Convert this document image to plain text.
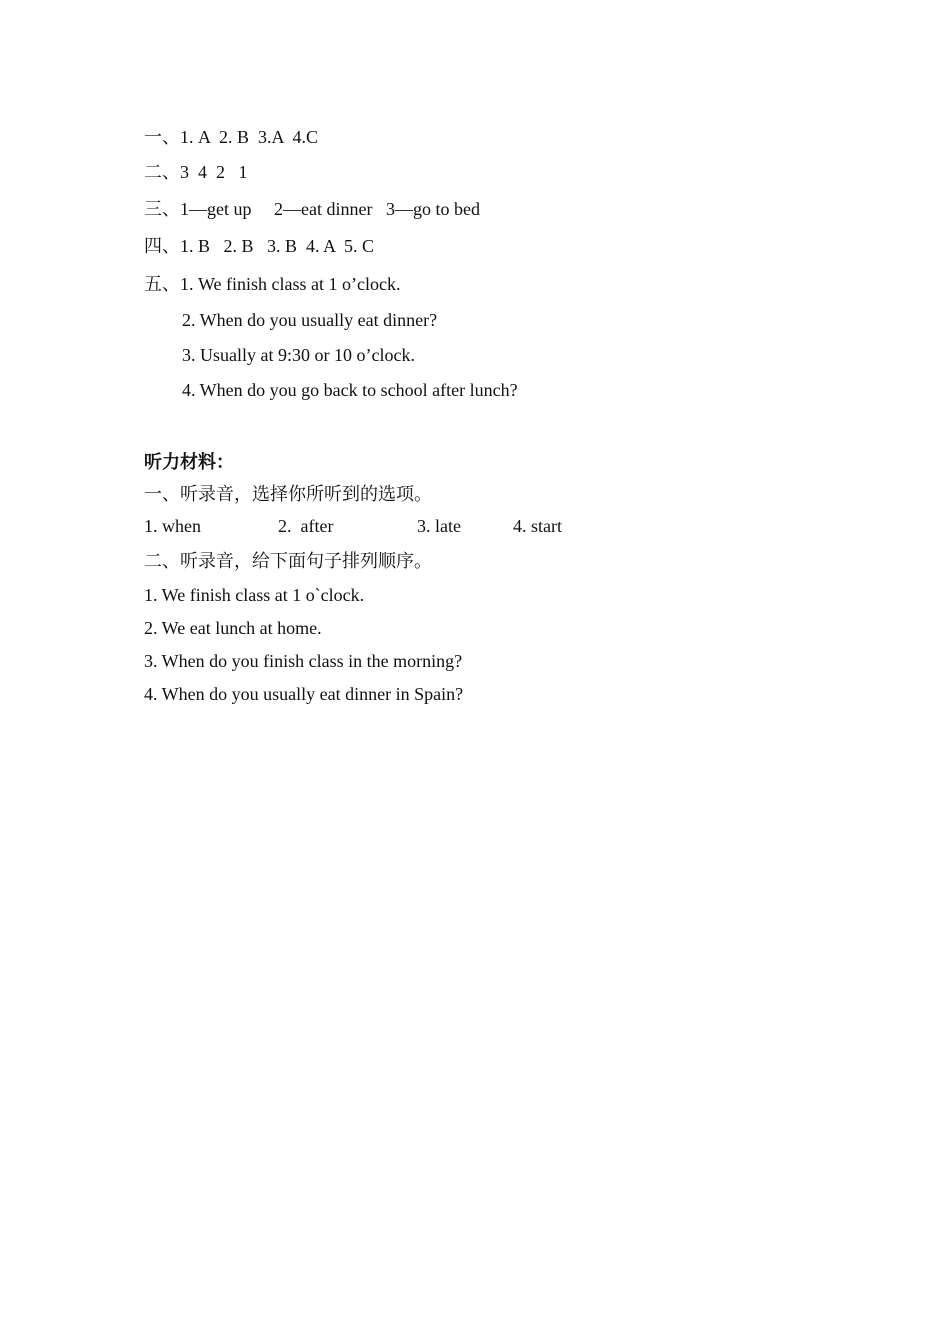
一、1. A  2. B  3.A  4.C
二、3  4  2   1
三、1—get up     2—eat dinner   3—go to bed
四、1. B   2. B   3. B  4. A  5. C
五、1. We finish class at 1 o’clock.
2. When do you usually eat dinner?
3. Usually at 9:30 or 10 o’clock.
4. When do you go back to school after lunch?
听力材料：
一、听录音，选择你所听到的选项。
1. when	2.  after	3. late	4. start
二、听录音，给下面句子排列顺序。
1. We finish class at 1 o`clock.
2. We eat lunch at home.
3. When do you finish class in the morning?
4. When do you usually eat dinner in Spain?
